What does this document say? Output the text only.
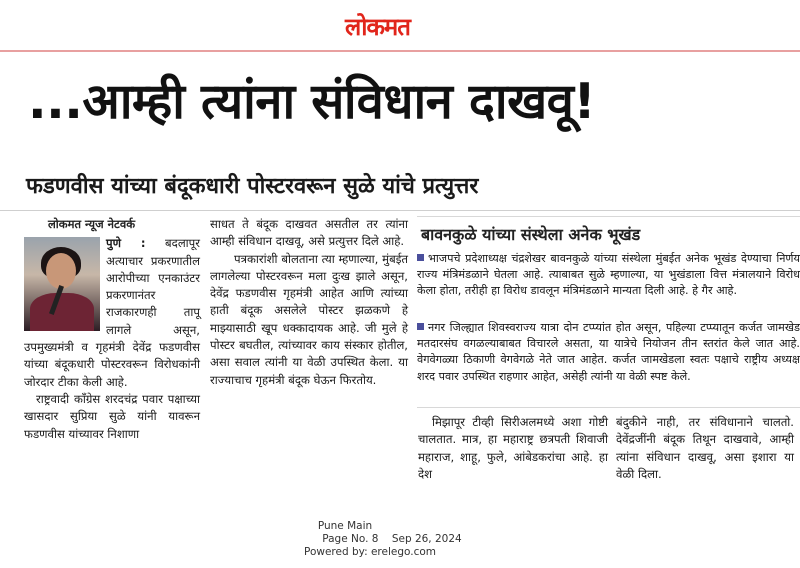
लोकमत
...आम्ही त्यांना संविधान दाखवू!
फडणवीस यांच्या बंदूकधारी पोस्टरवरून सुळे यांचे प्रत्युत्तर
लोकमत न्यूज नेटवर्क

पुणे :
बदलापूर अत्याचार प्रकरणातील आरोपीच्या एनकाउंटर प्रकरणानंतर राजकारणही तापू लागले असून, उपमुख्यमंत्री व गृहमंत्री देवेंद्र फडणवीस यांच्या बंदूकधारी पोस्टरवरून विरोधकांनी जोरदार टीका केली आहे.

राष्ट्रवादी काँग्रेस शरदचंद्र पवार पक्षाच्या खासदार सुप्रिया सुळे यांनी यावरून फडणवीस यांच्यावर निशाणा

साधत ते बंदूक दाखवत असतील तर त्यांना आम्ही संविधान दाखवू, असे प्रत्युत्तर दिले आहे.

पत्रकारांशी बोलताना त्या म्हणाल्या, मुंबईत लागलेल्या पोस्टरवरून मला दुःख झाले असून, देवेंद्र फडणवीस गृहमंत्री आहेत आणि त्यांच्या हाती बंदूक असलेले पोस्टर झळकणे हे माझ्यासाठी खूप धक्कादायक आहे. जी मुले हे पोस्टर बघतील, त्यांच्यावर काय संस्कार होतील, असा सवाल त्यांनी या वेळी उपस्थित केला. या राज्याचाच गृहमंत्री बंदूक घेऊन फिरतोय.

बावनकुळे यांच्या संस्थेला अनेक भूखंड
भाजपचे प्रदेशाध्यक्ष चंद्रशेखर बावनकुळे यांच्या संस्थेला मुंबईत अनेक भूखंड देण्याचा निर्णय राज्य मंत्रिमंडळाने घेतला आहे. त्याबाबत सुळे म्हणाल्या, या भुखंडाला वित्त मंत्रालयाने विरोध केला होता, तरीही हा विरोध डावलून मंत्रिमंडळाने मान्यता दिली आहे. हे गैर आहे.
नगर जिल्ह्यात शिवस्वराज्य यात्रा दोन टप्प्यांत होत असून, पहिल्या टप्प्यातून कर्जत जामखेड मतदारसंघ वगळल्याबाबत विचारले असता, या यात्रेचे नियोजन तीन स्तरांत केले जात आहे. वेगवेगळ्या ठिकाणी वेगवेगळे नेते जात आहेत. कर्जत जामखेडला स्वतः पक्षाचे राष्ट्रीय अध्यक्ष शरद पवार उपस्थित राहणार आहेत, असेही त्यांनी या वेळी स्पष्ट केले.

मिझापूर टीव्ही सिरीअलमध्ये अशा गोष्टी चालतात. मात्र, हा महाराष्ट्र छत्रपती शिवाजी महाराज, शाहू, फुले, आंबेडकरांचा आहे. हा देश

बंदुकीने नाही, तर संविधानाने चालतो. देवेंद्रजींनी बंदूक तिथून दाखवावे, आम्ही त्यांना संविधान दाखवू, असा इशारा या वेळी दिला.

Pune Main
Page No. 8    Sep 26, 2024
Powered by: erelego.com
